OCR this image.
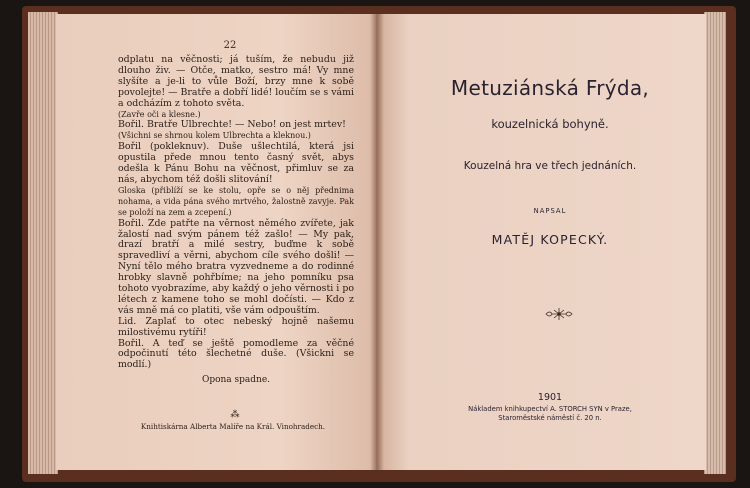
22

odplatu na věčnosti; já tuším, že nebudu již dlouho živ. — Otče, matko, sestro má! Vy mne slyšíte a je-li to vůle Boží, brzy mne k sobě povolejte! — Bratře a dobří lidé! loučím se s vámi a odcházím z tohoto světa.

(Zavře oči a klesne.)

Bořil. Bratře Ulbrechte! — Nebo! on jest mrtev!

(Všichni se shrnou kolem Ulbrechta a kleknou.)

Bořil (pokleknuv). Duše ušlechtilá, která jsi opustila přede mnou tento časný svět, abys odešla k Pánu Bohu na věčnost, přimluv se za nás, abychom též došli slitování!

Gloska (přiblíží se ke stolu, opře se o něj přednima nohama, a vida pána svého mrtvého, žalostně zavyje. Pak se položí na zem a zcepení.)

Bořil. Zde patřte na věrnost němého zvířete, jak žalostí nad svým pánem též zašlo! — My pak, drazí bratří a milé sestry, buďme k sobě spravedliví a věrni, abychom cíle svého došli! — Nyní tělo mého bratra vyzvedneme a do rodinné hrobky slavně pohřbíme; na jeho pomníku psa tohoto vyobrazíme, aby každý o jeho věrnosti i po létech z kamene toho se mohl dočísti. — Kdo z vás mně má co platiti, vše vám odpouštím.

Lid. Zaplať to otec nebeský hojně našemu milostivému rytíři!

Bořil. A teď se ještě pomodleme za věčné odpočinutí této šlechetné duše. (Všickni se modlí.)

Opona spadne.

⁂
Knihtiskárna Alberta Malíře na Král. Vinohradech.
Metuziánská Frýda,
kouzelnická bohyně.
Kouzelná hra ve třech jednáních.
NAPSAL
MATĚJ KOPECKÝ.
1901
Nákladem knihkupectví A. STORCH SYN v Praze,
Staroměstské náměstí č. 20 n.
